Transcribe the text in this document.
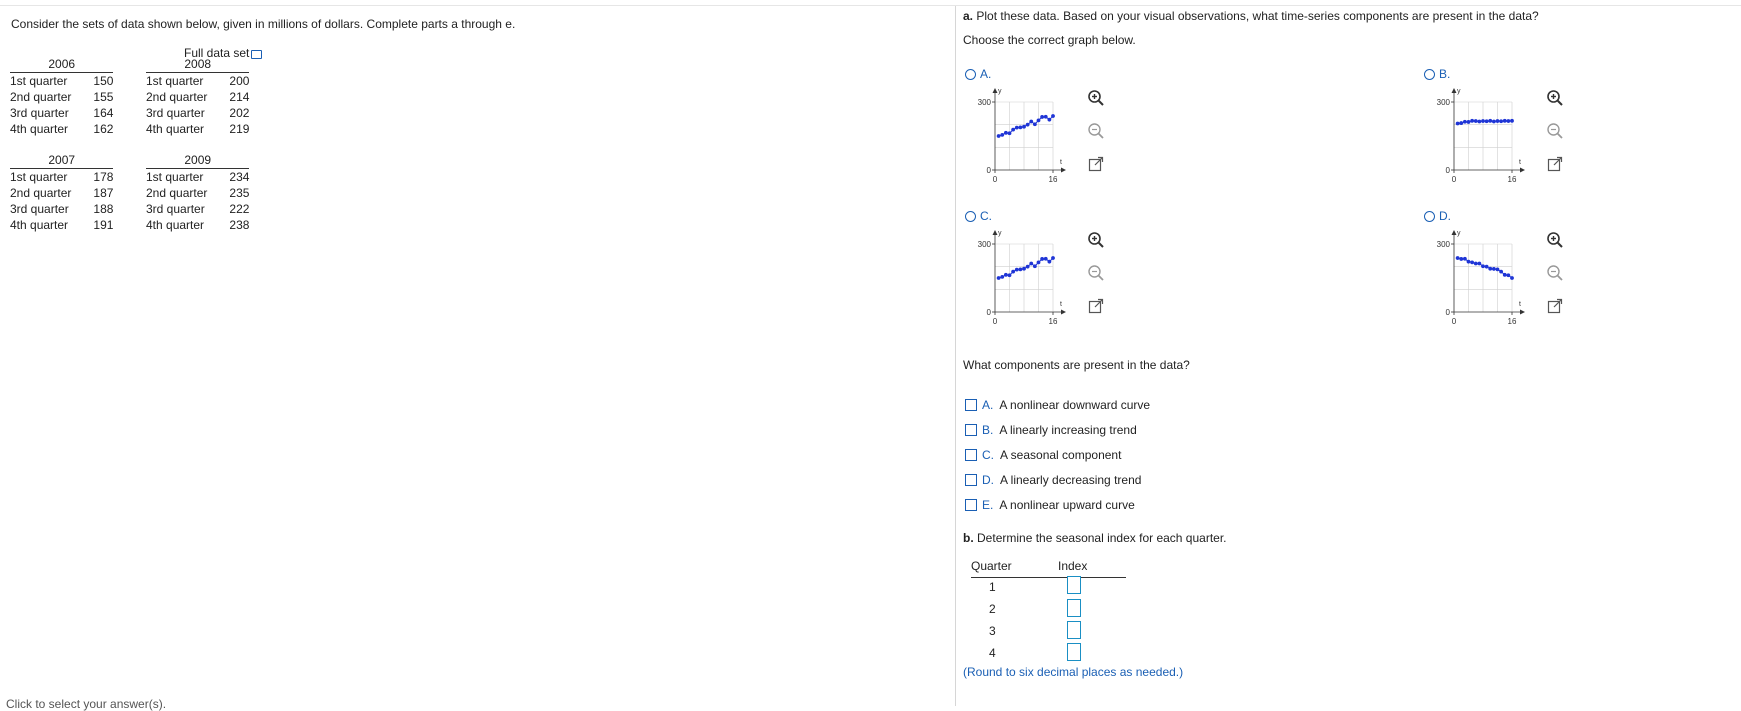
Consider the sets of data shown below, given in millions of dollars. Complete parts a through e.
Full data set
2006	
1st quarter	150
2nd quarter	155
3rd quarter	164
4th quarter	162
2008	
1st quarter	200
2nd quarter	214
3rd quarter	202
4th quarter	219
2007	
1st quarter	178
2nd quarter	187
3rd quarter	188
4th quarter	191
2009	
1st quarter	234
2nd quarter	235
3rd quarter	222
4th quarter	238
Click to select your answer(s).
a. Plot these data. Based on your visual observations, what time-series components are present in the data?
Choose the correct graph below.
A.	B.
C.	D.
300
0
0	16
y
t
300
0
0	16
y
t
300
0
0	16
y
t
300
0
0	16
y
t
What components are present in the data?
A. A nonlinear downward curve
B. A linearly increasing trend
C. A seasonal component
D. A linearly decreasing trend
E. A nonlinear upward curve
b. Determine the seasonal index for each quarter.
Quarter	Index
1
2
3
4
(Round to six decimal places as needed.)
